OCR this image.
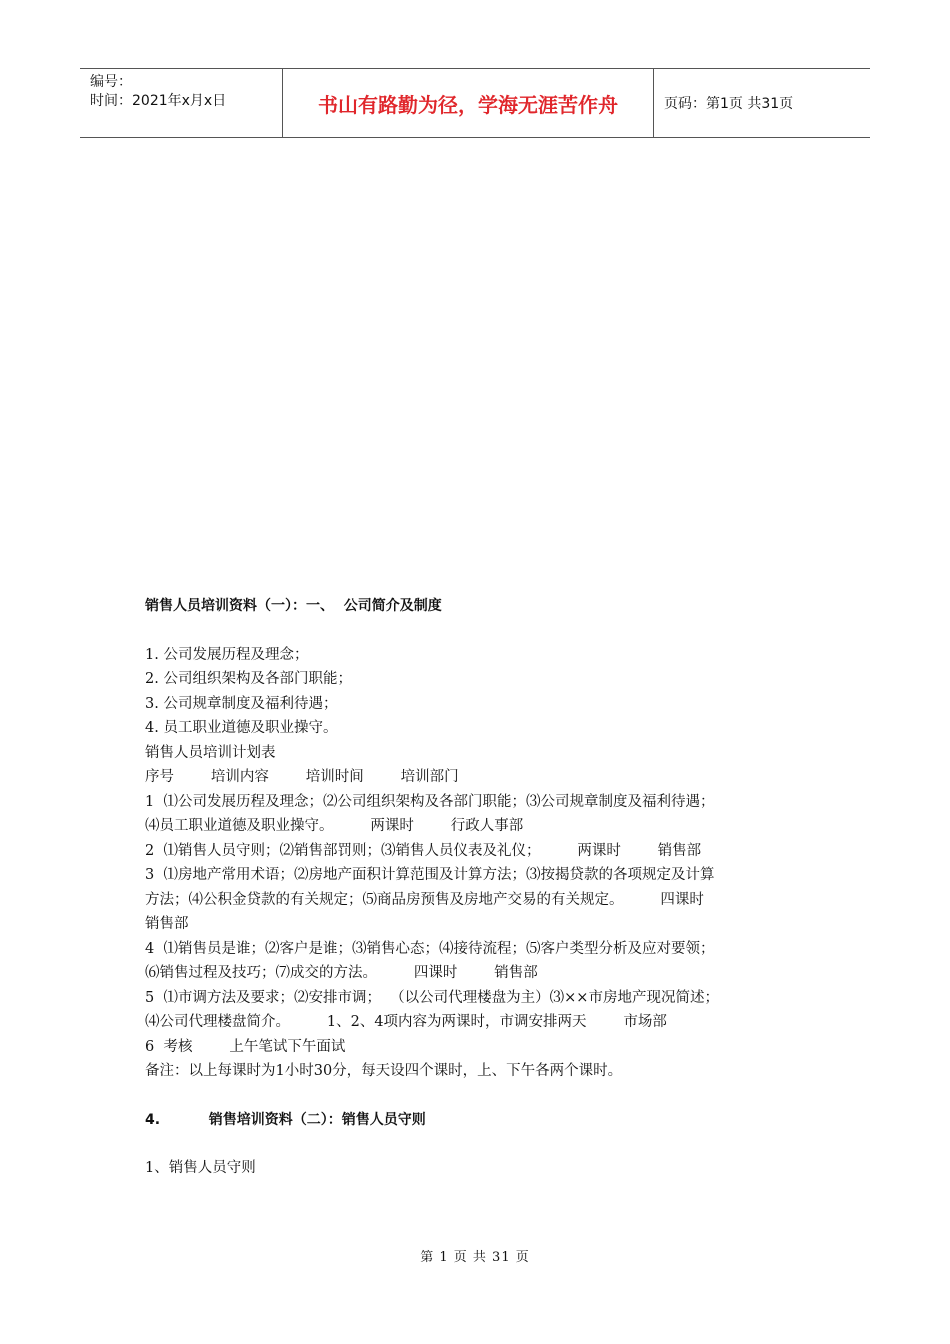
编号：
时间：2021年x月x日	书山有路勤为径，学海无涯苦作舟	页码：第1页 共31页

销售人员培训资料（一）：一、  公司简介及制度

1. 公司发展历程及理念；

2. 公司组织架构及各部门职能；

3. 公司规章制度及福利待遇；

4. 员工职业道德及职业操守。

销售人员培训计划表

序号        培训内容        培训时间        培训部门

1  ⑴公司发展历程及理念；⑵公司组织架构及各部门职能；⑶公司规章制度及福利待遇；

⑷员工职业道德及职业操守。        两课时        行政人事部

2  ⑴销售人员守则；⑵销售部罚则；⑶销售人员仪表及礼仪；        两课时        销售部

3  ⑴房地产常用术语；⑵房地产面积计算范围及计算方法；⑶按揭贷款的各项规定及计算

方法；⑷公积金贷款的有关规定；⑸商品房预售及房地产交易的有关规定。        四课时

销售部

4  ⑴销售员是谁；⑵客户是谁；⑶销售心态；⑷接待流程；⑸客户类型分析及应对要领；

⑹销售过程及技巧；⑺成交的方法。        四课时        销售部

5  ⑴市调方法及要求；⑵安排市调；  （以公司代理楼盘为主）⑶××市房地产现况简述；

⑷公司代理楼盘简介。        1、2、4项内容为两课时，市调安排两天        市场部

6  考核        上午笔试下午面试

备注：以上每课时为1小时30分，每天设四个课时，上、下午各两个课时。

4.          销售培训资料（二）：销售人员守则

1、销售人员守则

第 1 页 共 31 页
